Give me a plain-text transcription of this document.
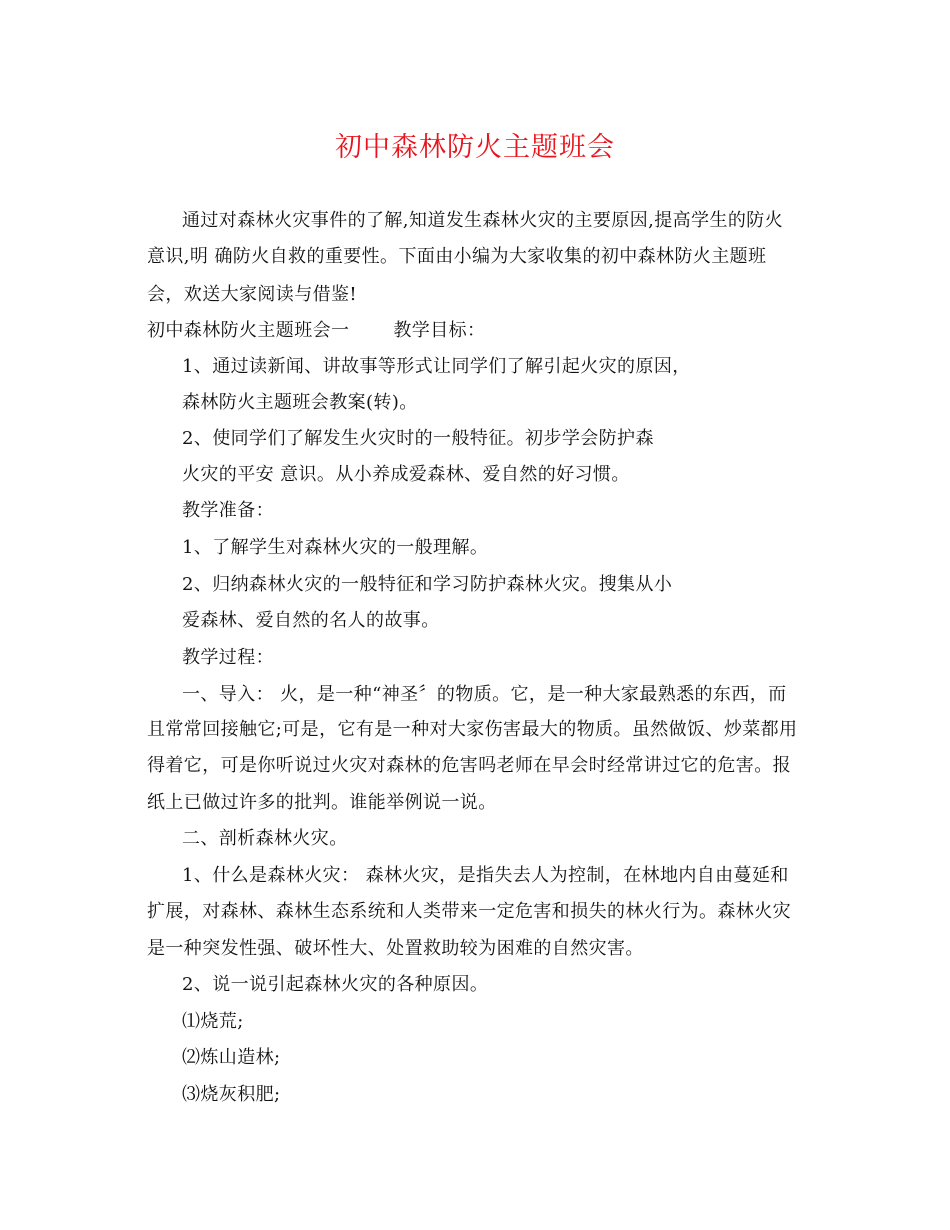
初中森林防火主题班会
通过对森林火灾事件的了解,知道发生森林火灾的主要原因,提高学生的防火
意识,明 确防火自救的重要性。下面由小编为大家收集的初中森林防火主题班
会，欢送大家阅读与借鉴!
初中森林防火主题班会一 教学目标：
1、通过读新闻、讲故事等形式让同学们了解引起火灾的原因，
森林防火主题班会教案(转)。
2、使同学们了解发生火灾时的一般特征。初步学会防护森
火灾的平安 意识。从小养成爱森林、爱自然的好习惯。
教学准备：
1、了解学生对森林火灾的一般理解。
2、归纳森林火灾的一般特征和学习防护森林火灾。搜集从小
爱森林、爱自然的名人的故事。
教学过程：
一、导入： 火，是一种“神圣〞的物质。它，是一种大家最熟悉的东西，而
且常常回接触它;可是，它有是一种对大家伤害最大的物质。虽然做饭、炒菜都用
得着它，可是你听说过火灾对森林的危害吗老师在早会时经常讲过它的危害。报
纸上已做过许多的批判。谁能举例说一说。
二、剖析森林火灾。
1、什么是森林火灾： 森林火灾，是指失去人为控制，在林地内自由蔓延和
扩展，对森林、森林生态系统和人类带来一定危害和损失的林火行为。森林火灾
是一种突发性强、破坏性大、处置救助较为困难的自然灾害。
2、说一说引起森林火灾的各种原因。
⑴烧荒;
⑵炼山造林;
⑶烧灰积肥;
